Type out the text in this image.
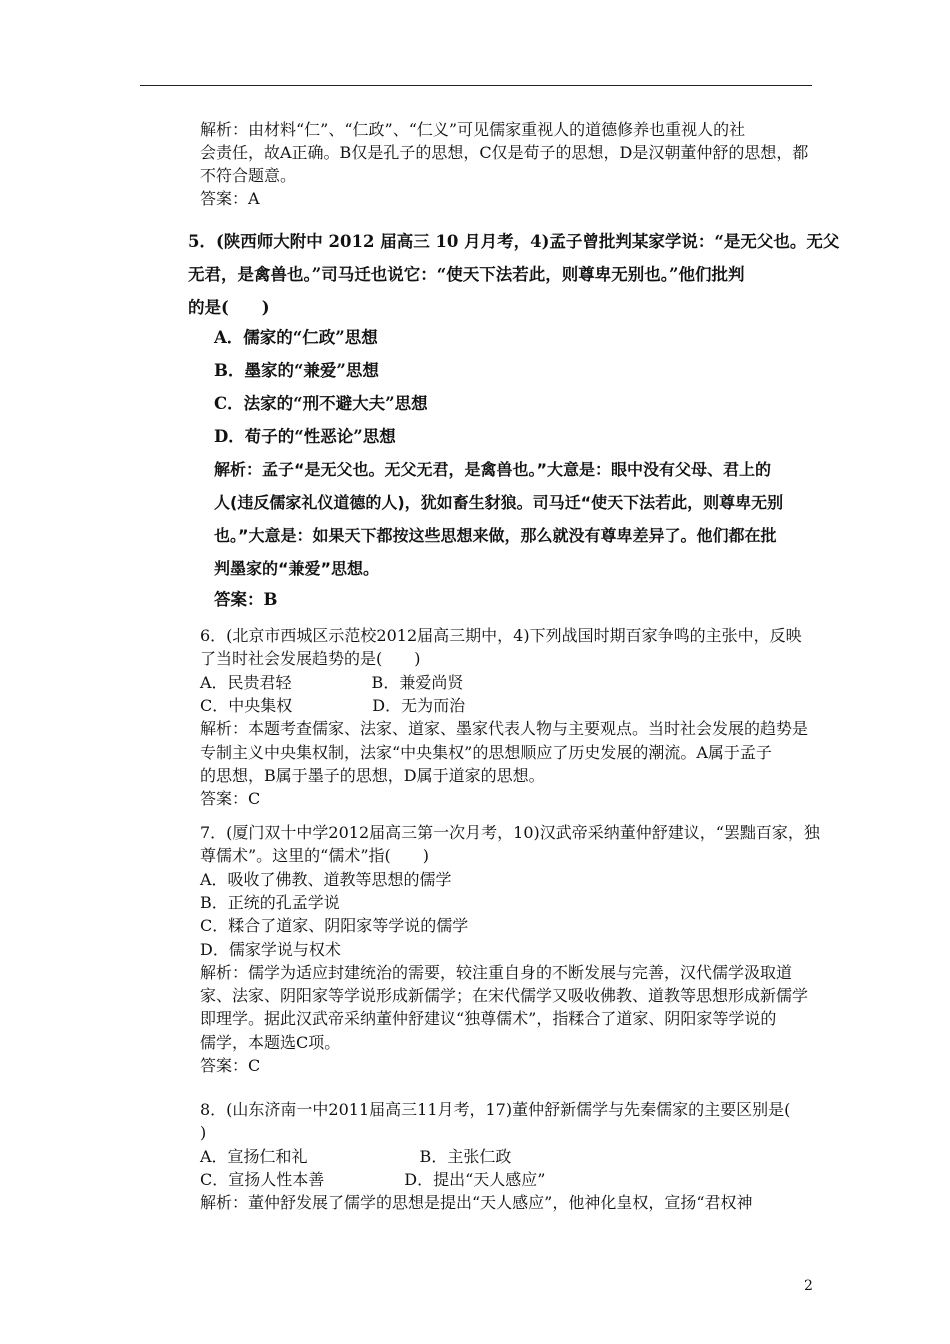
解析：由材料“仁”、“仁政”、“仁义”可见儒家重视人的道德修养也重视人的社
会责任，故A正确。B仅是孔子的思想，C仅是荀子的思想，D是汉朝董仲舒的思想，都
不符合题意。
答案：A
5．(陕西师大附中 2012 届高三 10 月月考，4)孟子曾批判某家学说：“是无父也。无父
无君，是禽兽也。”司马迁也说它：“使天下法若此，则尊卑无别也。”他们批判
的是(　　)
A．儒家的“仁政”思想
B．墨家的“兼爱”思想
C．法家的“刑不避大夫”思想
D．荀子的“性恶论”思想
解析：孟子“是无父也。无父无君，是禽兽也。”大意是：眼中没有父母、君上的
人(违反儒家礼仪道德的人)，犹如畜生豺狼。司马迁“使天下法若此，则尊卑无别
也。”大意是：如果天下都按这些思想来做，那么就没有尊卑差异了。他们都在批
判墨家的“兼爱”思想。
答案：B
6．(北京市西城区示范校2012届高三期中，4)下列战国时期百家争鸣的主张中，反映
了当时社会发展趋势的是(　　)
A．民贵君轻　　　　　B．兼爱尚贤
C．中央集权　　　　　D．无为而治
解析：本题考查儒家、法家、道家、墨家代表人物与主要观点。当时社会发展的趋势是
专制主义中央集权制，法家“中央集权”的思想顺应了历史发展的潮流。A属于孟子
的思想，B属于墨子的思想，D属于道家的思想。
答案：C
7．(厦门双十中学2012届高三第一次月考，10)汉武帝采纳董仲舒建议，“罢黜百家，独
尊儒术”。这里的“儒术”指(　　)
A．吸收了佛教、道教等思想的儒学
B．正统的孔孟学说
C．糅合了道家、阴阳家等学说的儒学
D．儒家学说与权术
解析：儒学为适应封建统治的需要，较注重自身的不断发展与完善，汉代儒学汲取道
家、法家、阴阳家等学说形成新儒学；在宋代儒学又吸收佛教、道教等思想形成新儒学
即理学。据此汉武帝采纳董仲舒建议“独尊儒术”，指糅合了道家、阴阳家等学说的
儒学，本题选C项。
答案：C
8．(山东济南一中2011届高三11月考，17)董仲舒新儒学与先秦儒家的主要区别是(
)
A．宣扬仁和礼　　　　　　　B．主张仁政
C．宣扬人性本善　　　　　D．提出“天人感应”
解析：董仲舒发展了儒学的思想是提出“天人感应”，他神化皇权，宣扬“君权神
2
